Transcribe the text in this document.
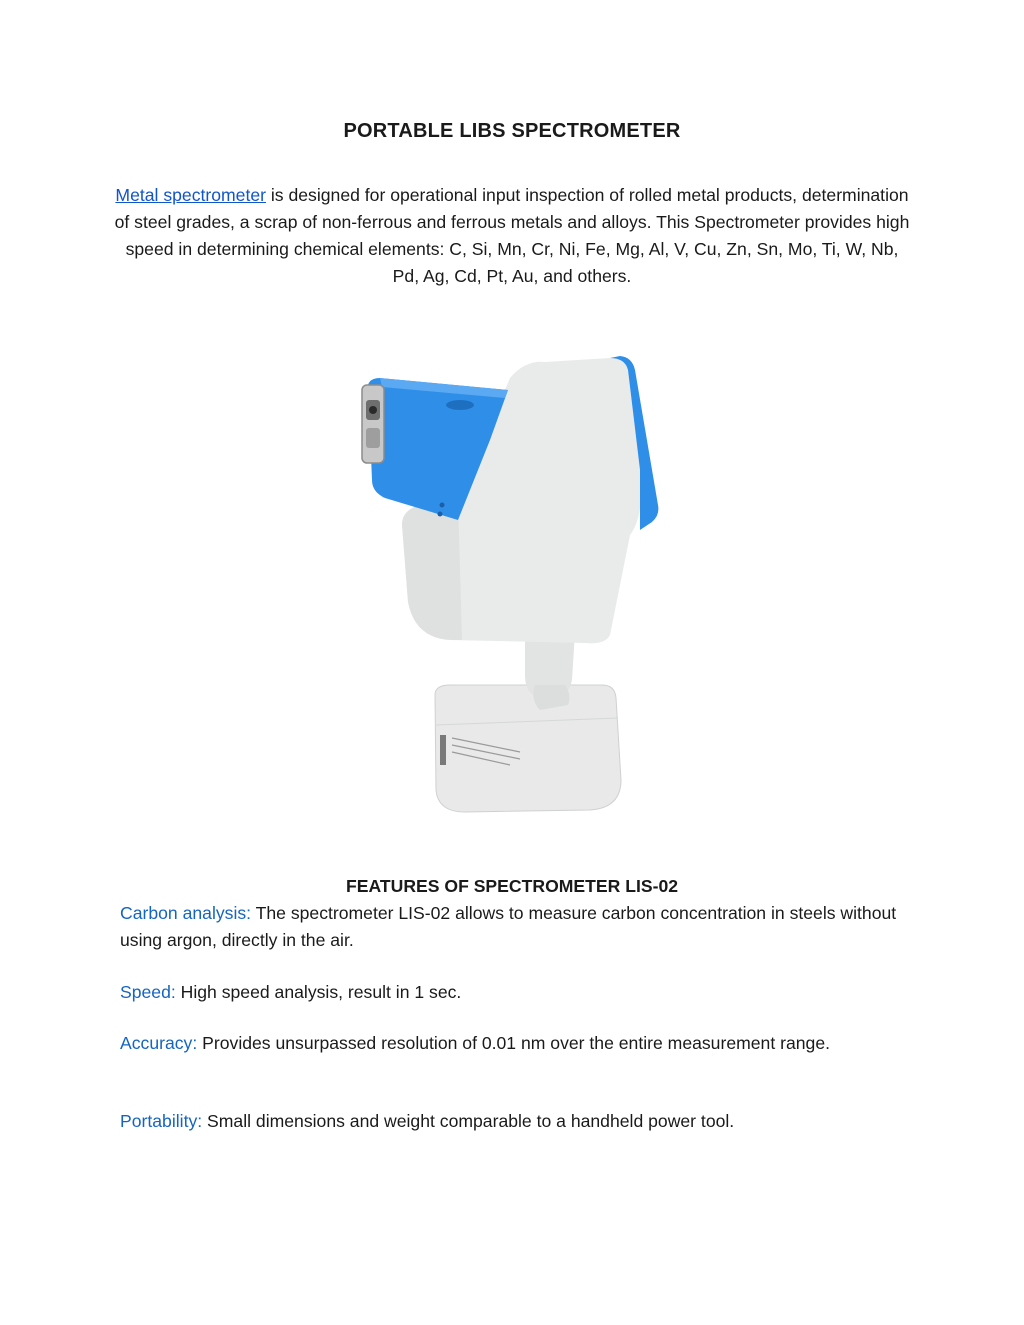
PORTABLE LIBS SPECTROMETER
Metal spectrometer is designed for operational input inspection of rolled metal products, determination of steel grades, a scrap of non-ferrous and ferrous metals and alloys. This Spectrometer provides high speed in determining chemical elements: C, Si, Mn, Cr, Ni, Fe, Mg, Al, V, Cu, Zn, Sn, Mo, Ti, W, Nb, Pd, Ag, Cd, Pt, Au, and others.
FEATURES OF SPECTROMETER LIS-02
Carbon analysis: The spectrometer LIS-02 allows to measure carbon concentration in steels without using argon, directly in the air.
Speed: High speed analysis, result in 1 sec.
Accuracy: Provides unsurpassed resolution of 0.01 nm over the entire measurement range.
Portability: Small dimensions and weight comparable to a handheld power tool.
